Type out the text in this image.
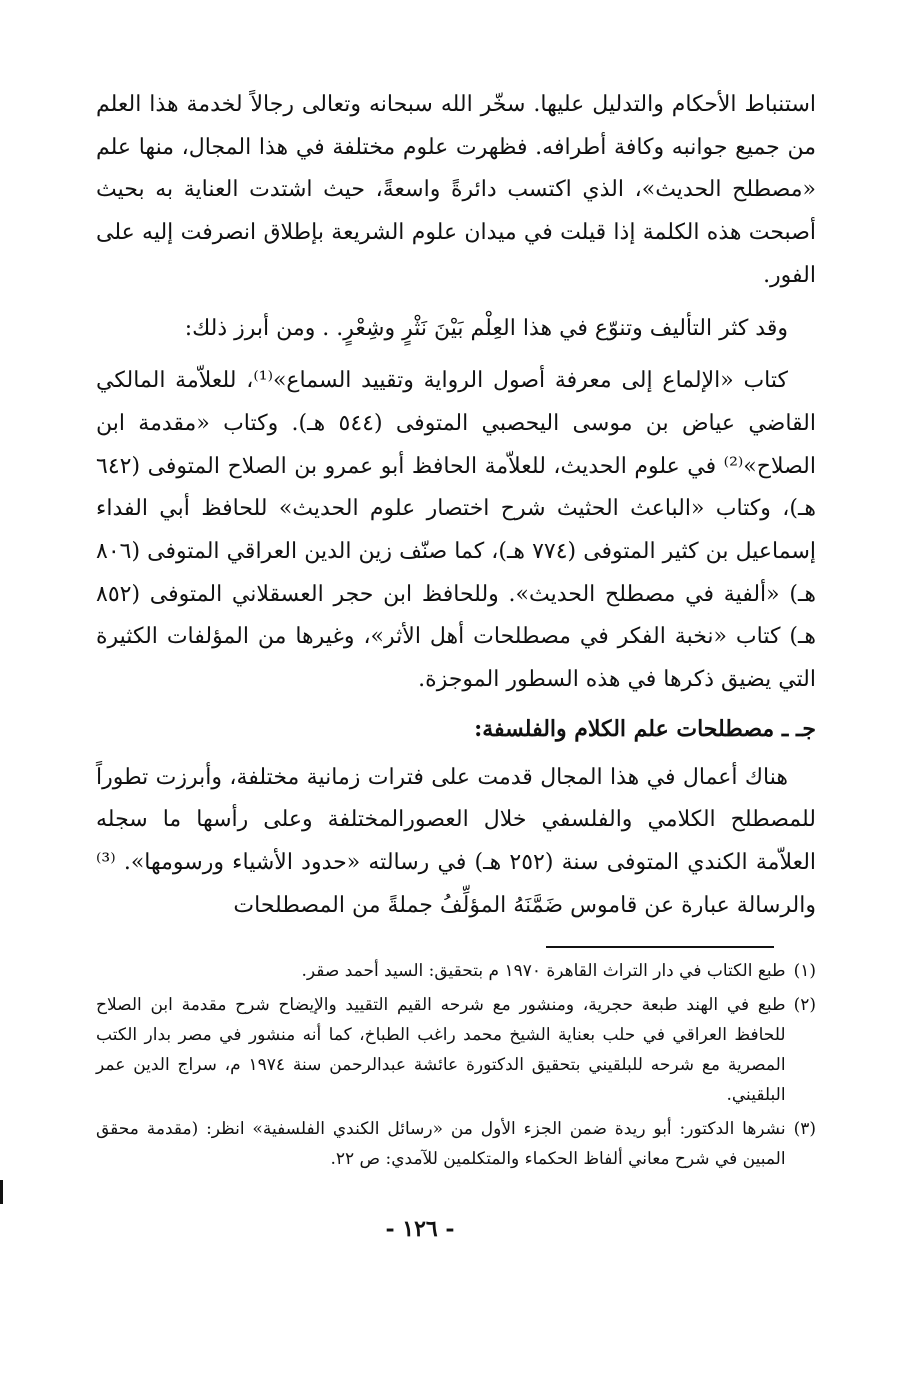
استنباط الأحكام والتدليل عليها. سخّر الله سبحانه وتعالى رجالاً لخدمة هذا العلم من جميع جوانبه وكافة أطرافه. فظهرت علوم مختلفة في هذا المجال، منها علم «مصطلح الحديث»، الذي اكتسب دائرةً واسعةً، حيث اشتدت العناية به بحيث أصبحت هذه الكلمة إذا قيلت في ميدان علوم الشريعة بإطلاق انصرفت إليه على الفور.

وقد كثر التأليف وتنوّع في هذا العِلْم بَيْنَ نَثْرٍ وشِعْرٍ. . ومن أبرز ذلك:

كتاب «الإلماع إلى معرفة أصول الرواية وتقييد السماع»⁽¹⁾، للعلاّمة المالكي القاضي عياض بن موسى اليحصبي المتوفى (٥٤٤ هـ). وكتاب «مقدمة ابن الصلاح»⁽²⁾ في علوم الحديث، للعلاّمة الحافظ أبو عمرو بن الصلاح المتوفى (٦٤٢ هـ)، وكتاب «الباعث الحثيث شرح اختصار علوم الحديث» للحافظ أبي الفداء إسماعيل بن كثير المتوفى (٧٧٤ هـ)، كما صنّف زين الدين العراقي المتوفى (٨٠٦ هـ) «ألفية في مصطلح الحديث». وللحافظ ابن حجر العسقلاني المتوفى (٨٥٢ هـ) كتاب «نخبة الفكر في مصطلحات أهل الأثر»، وغيرها من المؤلفات الكثيرة التي يضيق ذكرها في هذه السطور الموجزة.

جـ ـ مصطلحات علم الكلام والفلسفة:

هناك أعمال في هذا المجال قدمت على فترات زمانية مختلفة، وأبرزت تطوراً للمصطلح الكلامي والفلسفي خلال العصورالمختلفة وعلى رأسها ما سجله العلاّمة الكندي المتوفى سنة (٢٥٢ هـ) في رسالته «حدود الأشياء ورسومها». ⁽³⁾ والرسالة عبارة عن قاموس ضَمَّنَهُ المؤلِّفُ جملةً من المصطلحات

(١)
طبع الكتاب في دار التراث القاهرة ١٩٧٠ م بتحقيق: السيد أحمد صقر.
(٢)
طبع في الهند طبعة حجرية، ومنشور مع شرحه القيم التقييد والإيضاح شرح مقدمة ابن الصلاح للحافظ العراقي في حلب بعناية الشيخ محمد راغب الطباخ، كما أنه منشور في مصر بدار الكتب المصرية مع شرحه للبلقيني بتحقيق الدكتورة عائشة عبدالرحمن سنة ١٩٧٤ م، سراج الدين عمر البلقيني.
(٣)
نشرها الدكتور: أبو ريدة ضمن الجزء الأول من «رسائل الكندي الفلسفية» انظر: (مقدمة محقق المبين في شرح معاني ألفاظ الحكماء والمتكلمين للآمدي: ص ٢٢.
- ١٢٦ -
